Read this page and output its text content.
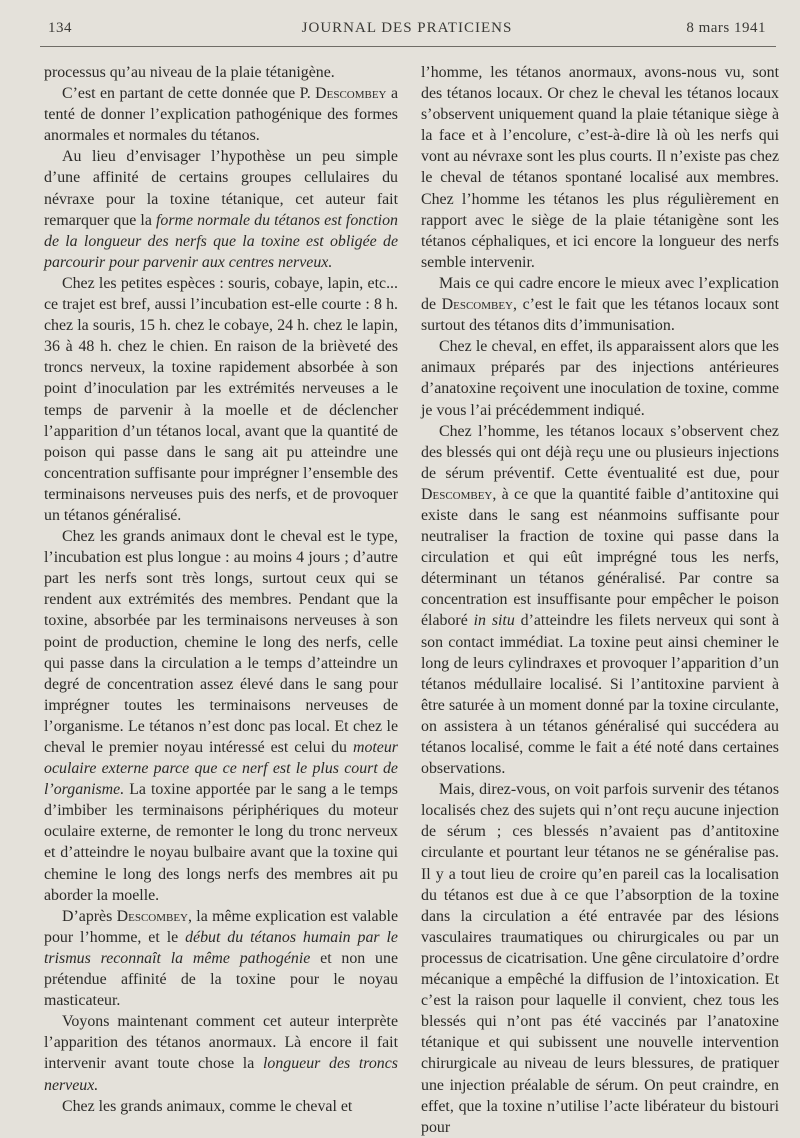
134	JOURNAL DES PRATICIENS	8 mars 1941

processus qu’au niveau de la plaie tétanigène.

C’est en partant de cette donnée que P. Descombey a tenté de donner l’explication pathogénique des formes anormales et normales du tétanos.

Au lieu d’envisager l’hypothèse un peu simple d’une affinité de certains groupes cellulaires du névraxe pour la toxine tétanique, cet auteur fait remarquer que la forme normale du tétanos est fonction de la longueur des nerfs que la toxine est obligée de parcourir pour parvenir aux centres nerveux.

Chez les petites espèces : souris, cobaye, lapin, etc... ce trajet est bref, aussi l’incubation est-elle courte : 8 h. chez la souris, 15 h. chez le cobaye, 24 h. chez le lapin, 36 à 48 h. chez le chien. En raison de la brièveté des troncs nerveux, la toxine rapidement absorbée à son point d’inoculation par les extrémités nerveuses a le temps de parvenir à la moelle et de déclencher l’apparition d’un tétanos local, avant que la quantité de poison qui passe dans le sang ait pu atteindre une concentration suffisante pour imprégner l’ensemble des terminaisons nerveuses puis des nerfs, et de provoquer un tétanos généralisé.

Chez les grands animaux dont le cheval est le type, l’incubation est plus longue : au moins 4 jours ; d’autre part les nerfs sont très longs, surtout ceux qui se rendent aux extrémités des membres. Pendant que la toxine, absorbée par les terminaisons nerveuses à son point de production, chemine le long des nerfs, celle qui passe dans la circulation a le temps d’atteindre un degré de concentration assez élevé dans le sang pour imprégner toutes les terminaisons nerveuses de l’organisme. Le tétanos n’est donc pas local. Et chez le cheval le premier noyau intéressé est celui du moteur oculaire externe parce que ce nerf est le plus court de l’organisme. La toxine apportée par le sang a le temps d’imbiber les terminaisons périphériques du moteur oculaire externe, de remonter le long du tronc nerveux et d’atteindre le noyau bulbaire avant que la toxine qui chemine le long des longs nerfs des membres ait pu aborder la moelle.

D’après Descombey, la même explication est valable pour l’homme, et le début du tétanos humain par le trismus reconnaît la même pathogénie et non une prétendue affinité de la toxine pour le noyau masticateur.

Voyons maintenant comment cet auteur interprète l’apparition des tétanos anormaux. Là encore il fait intervenir avant toute chose la longueur des troncs nerveux.

Chez les grands animaux, comme le cheval et

l’homme, les tétanos anormaux, avons-nous vu, sont des tétanos locaux. Or chez le cheval les tétanos locaux s’observent uniquement quand la plaie tétanique siège à la face et à l’encolure, c’est-à-dire là où les nerfs qui vont au névraxe sont les plus courts. Il n’existe pas chez le cheval de tétanos spontané localisé aux membres. Chez l’homme les tétanos les plus régulièrement en rapport avec le siège de la plaie tétanigène sont les tétanos céphaliques, et ici encore la longueur des nerfs semble intervenir.

Mais ce qui cadre encore le mieux avec l’explication de Descombey, c’est le fait que les tétanos locaux sont surtout des tétanos dits d’immunisation.

Chez le cheval, en effet, ils apparaissent alors que les animaux préparés par des injections antérieures d’anatoxine reçoivent une inoculation de toxine, comme je vous l’ai précédemment indiqué.

Chez l’homme, les tétanos locaux s’observent chez des blessés qui ont déjà reçu une ou plusieurs injections de sérum préventif. Cette éventualité est due, pour Descombey, à ce que la quantité faible d’antitoxine qui existe dans le sang est néanmoins suffisante pour neutraliser la fraction de toxine qui passe dans la circulation et qui eût imprégné tous les nerfs, déterminant un tétanos généralisé. Par contre sa concentration est insuffisante pour empêcher le poison élaboré in situ d’atteindre les filets nerveux qui sont à son contact immédiat. La toxine peut ainsi cheminer le long de leurs cylindraxes et provoquer l’apparition d’un tétanos médullaire localisé. Si l’antitoxine parvient à être saturée à un moment donné par la toxine circulante, on assistera à un tétanos généralisé qui succédera au tétanos localisé, comme le fait a été noté dans certaines observations.

Mais, direz-vous, on voit parfois survenir des tétanos localisés chez des sujets qui n’ont reçu aucune injection de sérum ; ces blessés n’avaient pas d’antitoxine circulante et pourtant leur tétanos ne se généralise pas. Il y a tout lieu de croire qu’en pareil cas la localisation du tétanos est due à ce que l’absorption de la toxine dans la circulation a été entravée par des lésions vasculaires traumatiques ou chirurgicales ou par un processus de cicatrisation. Une gêne circulatoire d’ordre mécanique a empêché la diffusion de l’intoxication. Et c’est la raison pour laquelle il convient, chez tous les blessés qui n’ont pas été vaccinés par l’anatoxine tétanique et qui subissent une nouvelle intervention chirurgicale au niveau de leurs blessures, de pratiquer une injection préalable de sérum. On peut craindre, en effet, que la toxine n’utilise l’acte libérateur du bistouri pour
